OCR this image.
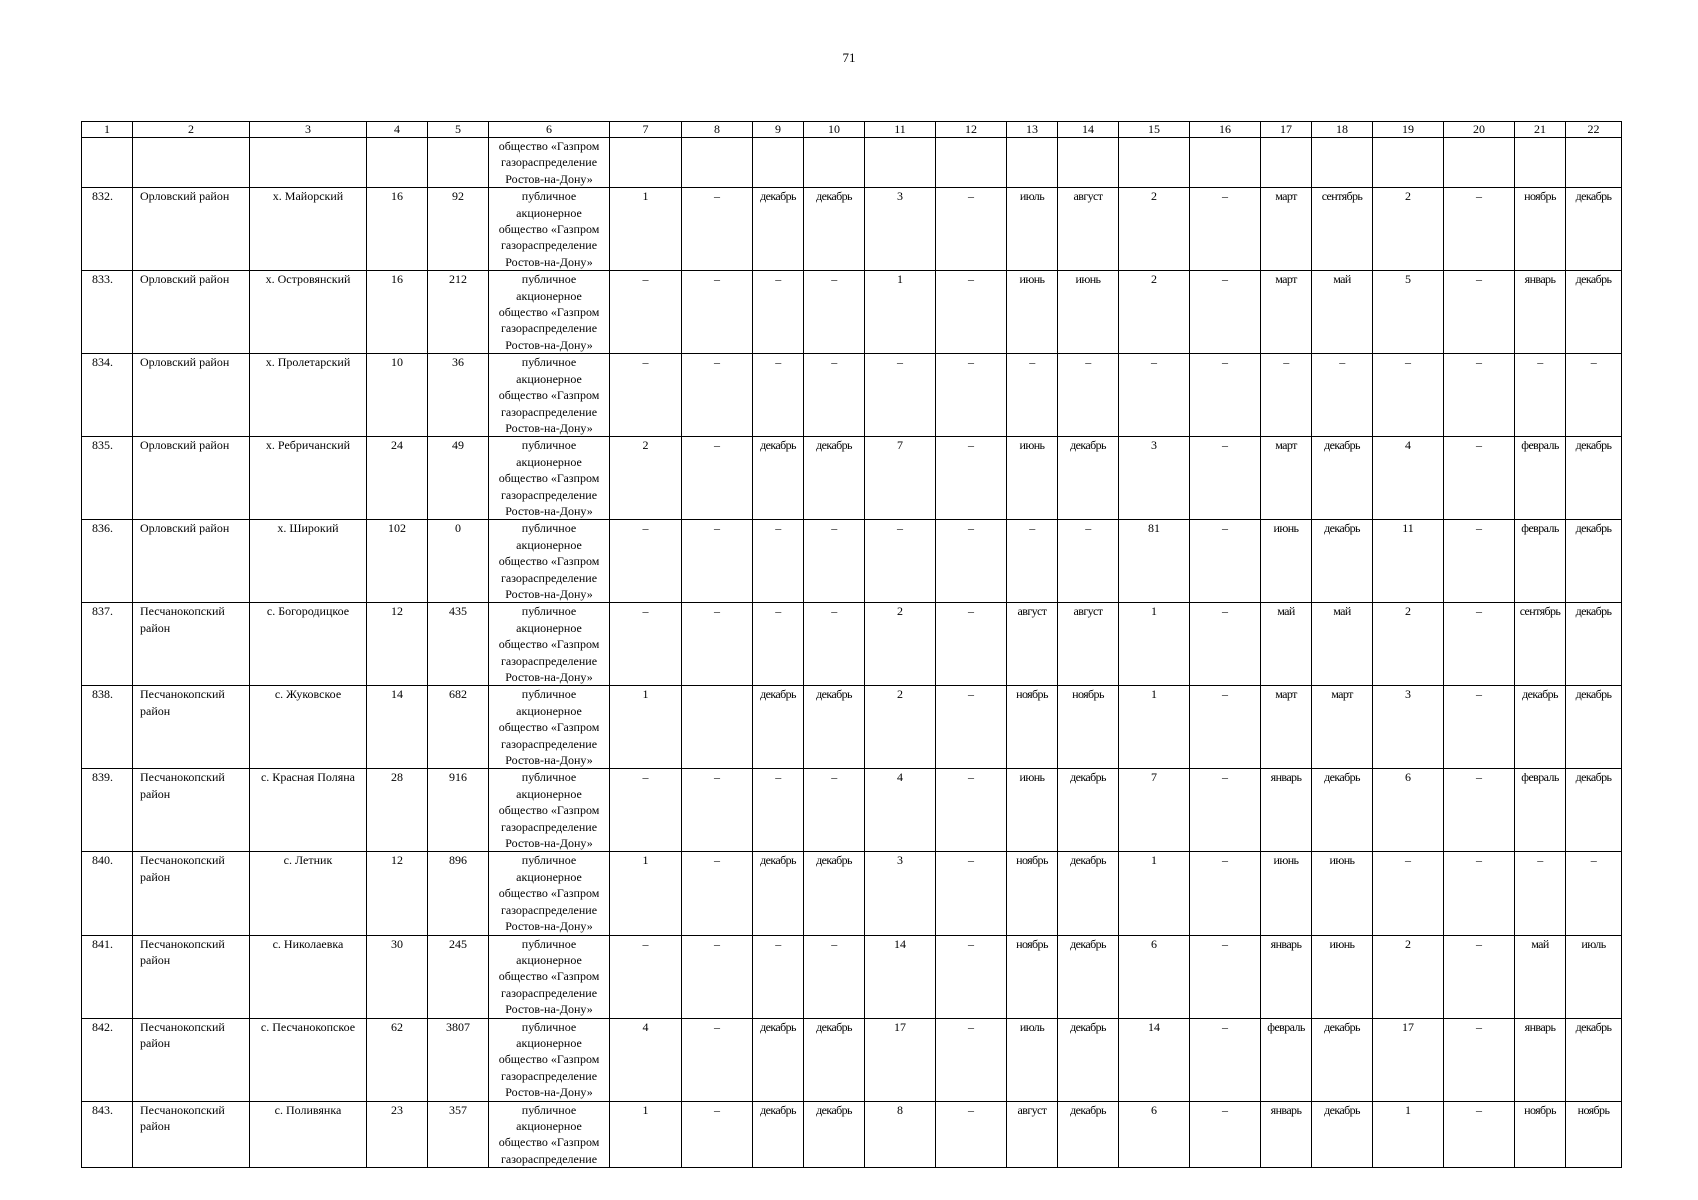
71
1	2	3	4	5	6	7	8	9	10	11	12	13	14	15	16	17	18	19	20	21	22
					общество «Газпром газораспределение Ростов-на-Дону»																
832.	Орловский район	х. Майорский	16	92	публичное акционерное общество «Газпром газораспределение Ростов-на-Дону»	1	–	декабрь	декабрь	3	–	июль	август	2	–	март	сентябрь	2	–	ноябрь	декабрь
833.	Орловский район	х. Островянский	16	212	публичное акционерное общество «Газпром газораспределение Ростов-на-Дону»	–	–	–	–	1	–	июнь	июнь	2	–	март	май	5	–	январь	декабрь
834.	Орловский район	х. Пролетарский	10	36	публичное акционерное общество «Газпром газораспределение Ростов-на-Дону»	–	–	–	–	–	–	–	–	–	–	–	–	–	–	–	–
835.	Орловский район	х. Ребричанский	24	49	публичное акционерное общество «Газпром газораспределение Ростов-на-Дону»	2	–	декабрь	декабрь	7	–	июнь	декабрь	3	–	март	декабрь	4	–	февраль	декабрь
836.	Орловский район	х. Широкий	102	0	публичное акционерное общество «Газпром газораспределение Ростов-на-Дону»	–	–	–	–	–	–	–	–	81	–	июнь	декабрь	11	–	февраль	декабрь
837.	Песчанокопский район	с. Богородицкое	12	435	публичное акционерное общество «Газпром газораспределение Ростов-на-Дону»	–	–	–	–	2	–	август	август	1	–	май	май	2	–	сентябрь	декабрь
838.	Песчанокопский район	с. Жуковское	14	682	публичное акционерное общество «Газпром газораспределение Ростов-на-Дону»	1		декабрь	декабрь	2	–	ноябрь	ноябрь	1	–	март	март	3	–	декабрь	декабрь
839.	Песчанокопский район	с. Красная Поляна	28	916	публичное акционерное общество «Газпром газораспределение Ростов-на-Дону»	–	–	–	–	4	–	июнь	декабрь	7	–	январь	декабрь	6	–	февраль	декабрь
840.	Песчанокопский район	с. Летник	12	896	публичное акционерное общество «Газпром газораспределение Ростов-на-Дону»	1	–	декабрь	декабрь	3	–	ноябрь	декабрь	1	–	июнь	июнь	–	–	–	–
841.	Песчанокопский район	с. Николаевка	30	245	публичное акционерное общество «Газпром газораспределение Ростов-на-Дону»	–	–	–	–	14	–	ноябрь	декабрь	6	–	январь	июнь	2	–	май	июль
842.	Песчанокопский район	с. Песчанокопское	62	3807	публичное акционерное общество «Газпром газораспределение Ростов-на-Дону»	4	–	декабрь	декабрь	17	–	июль	декабрь	14	–	февраль	декабрь	17	–	январь	декабрь
843.	Песчанокопский район	с. Поливянка	23	357	публичное акционерное общество «Газпром газораспределение	1	–	декабрь	декабрь	8	–	август	декабрь	6	–	январь	декабрь	1	–	ноябрь	ноябрь
